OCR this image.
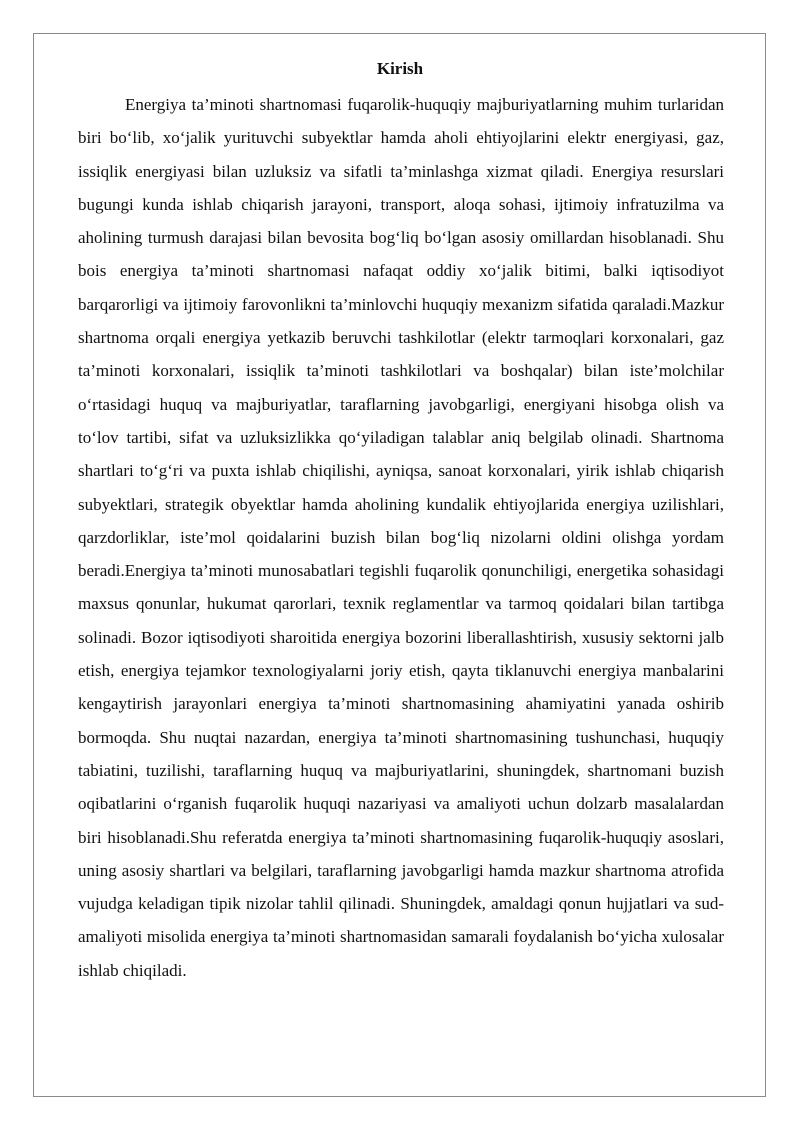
Kirish

Energiya ta’minoti shartnomasi fuqarolik-huquqiy majburiyatlarning muhim turlaridan biri bo‘lib, xo‘jalik yurituvchi subyektlar hamda aholi ehtiyojlarini elektr energiyasi, gaz, issiqlik energiyasi bilan uzluksiz va sifatli ta’minlashga xizmat qiladi. Energiya resurslari bugungi kunda ishlab chiqarish jarayoni, transport, aloqa sohasi, ijtimoiy infratuzilma va aholining turmush darajasi bilan bevosita bog‘liq bo‘lgan asosiy omillardan hisoblanadi. Shu bois energiya ta’minoti shartnomasi nafaqat oddiy xo‘jalik bitimi, balki iqtisodiyot barqarorligi va ijtimoiy farovonlikni ta’minlovchi huquqiy mexanizm sifatida qaraladi.Mazkur shartnoma orqali energiya yetkazib beruvchi tashkilotlar (elektr tarmoqlari korxonalari, gaz ta’minoti korxonalari, issiqlik ta’minoti tashkilotlari va boshqalar) bilan iste’molchilar o‘rtasidagi huquq va majburiyatlar, taraflarning javobgarligi, energiyani hisobga olish va to‘lov tartibi, sifat va uzluksizlikka qo‘yiladigan talablar aniq belgilab olinadi. Shartnoma shartlari to‘g‘ri va puxta ishlab chiqilishi, ayniqsa, sanoat korxonalari, yirik ishlab chiqarish subyektlari, strategik obyektlar hamda aholining kundalik ehtiyojlarida energiya uzilishlari, qarzdorliklar, iste’mol qoidalarini buzish bilan bog‘liq nizolarni oldini olishga yordam beradi.Energiya ta’minoti munosabatlari tegishli fuqarolik qonunchiligi, energetika sohasidagi maxsus qonunlar, hukumat qarorlari, texnik reglamentlar va tarmoq qoidalari bilan tartibga solinadi. Bozor iqtisodiyoti sharoitida energiya bozorini liberallashtirish, xususiy sektorni jalb etish, energiya tejamkor texnologiyalarni joriy etish, qayta tiklanuvchi energiya manbalarini kengaytirish jarayonlari energiya ta’minoti shartnomasining ahamiyatini yanada oshirib bormoqda. Shu nuqtai nazardan, energiya ta’minoti shartnomasining tushunchasi, huquqiy tabiatini, tuzilishi, taraflarning huquq va majburiyatlarini, shuningdek, shartnomani buzish oqibatlarini o‘rganish fuqarolik huquqi nazariyasi va amaliyoti uchun dolzarb masalalardan biri hisoblanadi.Shu referatda energiya ta’minoti shartnomasining fuqarolik-huquqiy asoslari, uning asosiy shartlari va belgilari, taraflarning javobgarligi hamda mazkur shartnoma atrofida vujudga keladigan tipik nizolar tahlil qilinadi. Shuningdek, amaldagi qonun hujjatlari va sud-amaliyoti misolida energiya ta’minoti shartnomasidan samarali foydalanish bo‘yicha xulosalar ishlab chiqiladi.
